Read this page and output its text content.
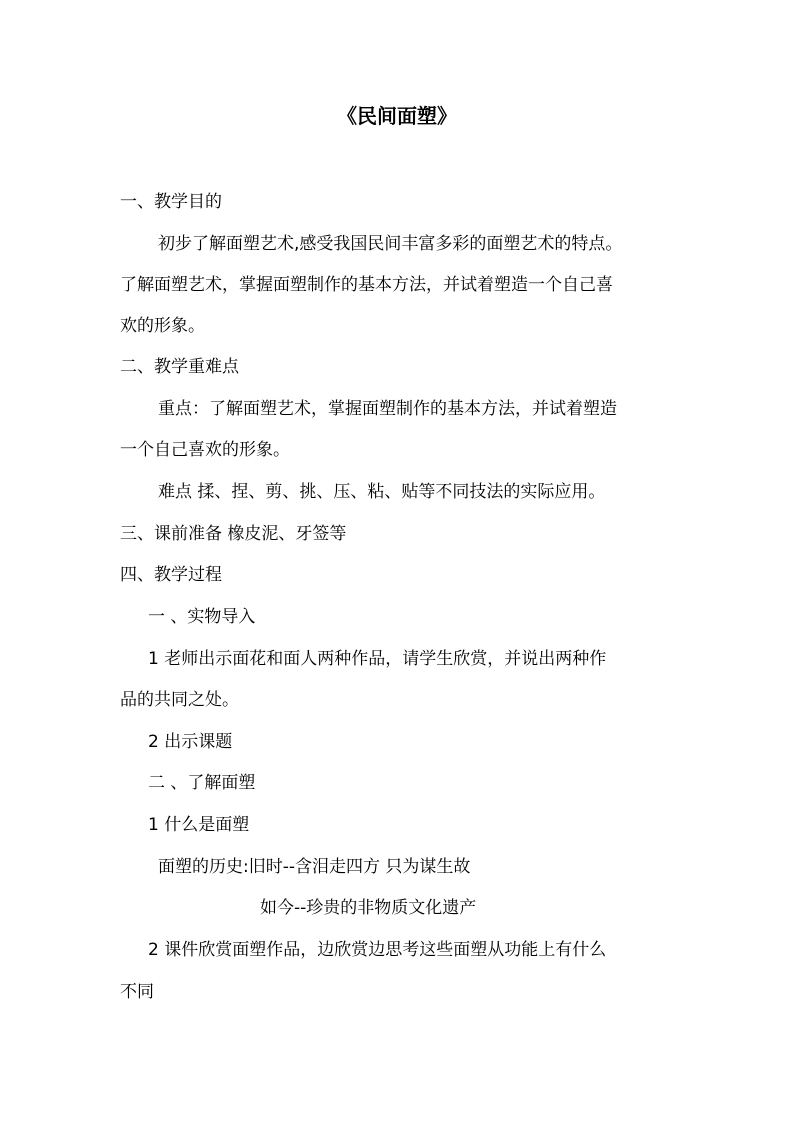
《民间面塑》
一、教学目的
初步了解面塑艺术,感受我国民间丰富多彩的面塑艺术的特点。
了解面塑艺术，掌握面塑制作的基本方法，并试着塑造一个自己喜
欢的形象。
二、教学重难点
重点：了解面塑艺术，掌握面塑制作的基本方法，并试着塑造
一个自己喜欢的形象。
难点 揉、捏、剪、挑、压、粘、贴等不同技法的实际应用。
三、课前准备 橡皮泥、牙签等
四、教学过程
一 、实物导入
1 老师出示面花和面人两种作品，请学生欣赏，并说出两种作
品的共同之处。
2 出示课题
二 、了解面塑
1 什么是面塑
面塑的历史:旧时--含泪走四方 只为谋生故
如今--珍贵的非物质文化遗产
2 课件欣赏面塑作品，边欣赏边思考这些面塑从功能上有什么
不同
